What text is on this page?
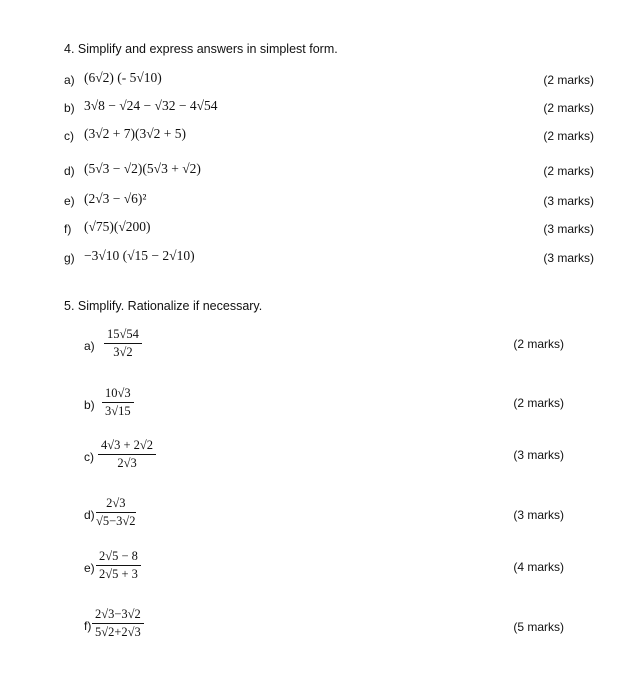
4. Simplify and express answers in simplest form.
a) (6√2) (- 5√10)	(2 marks)
b) 3√8 − √24 − √32 − 4√54	(2 marks)
c) (3√2 + 7)(3√2 + 5)	(2 marks)
d) (5√3 − √2)(5√3 + √2)	(2 marks)
e) (2√3 − √6)²	(3 marks)
f) (√75)(√200)	(3 marks)
g) −3√10 (√15 − 2√10)	(3 marks)
5. Simplify. Rationalize if necessary.
$a) \frac{15√54}{3√2}$	(2 marks)
$b) \frac{10√3}{3√15}$	(2 marks)
$c) \frac{4√3 + 2√2}{2√3}$	(3 marks)
$d) \frac{2√3}{√5-3√2}$	(3 marks)
$e) \frac{2√5 - 8}{2√5 + 3}$	(4 marks)
$f) \frac{2√3-3√2}{5√2+2√3}$	(5 marks)
